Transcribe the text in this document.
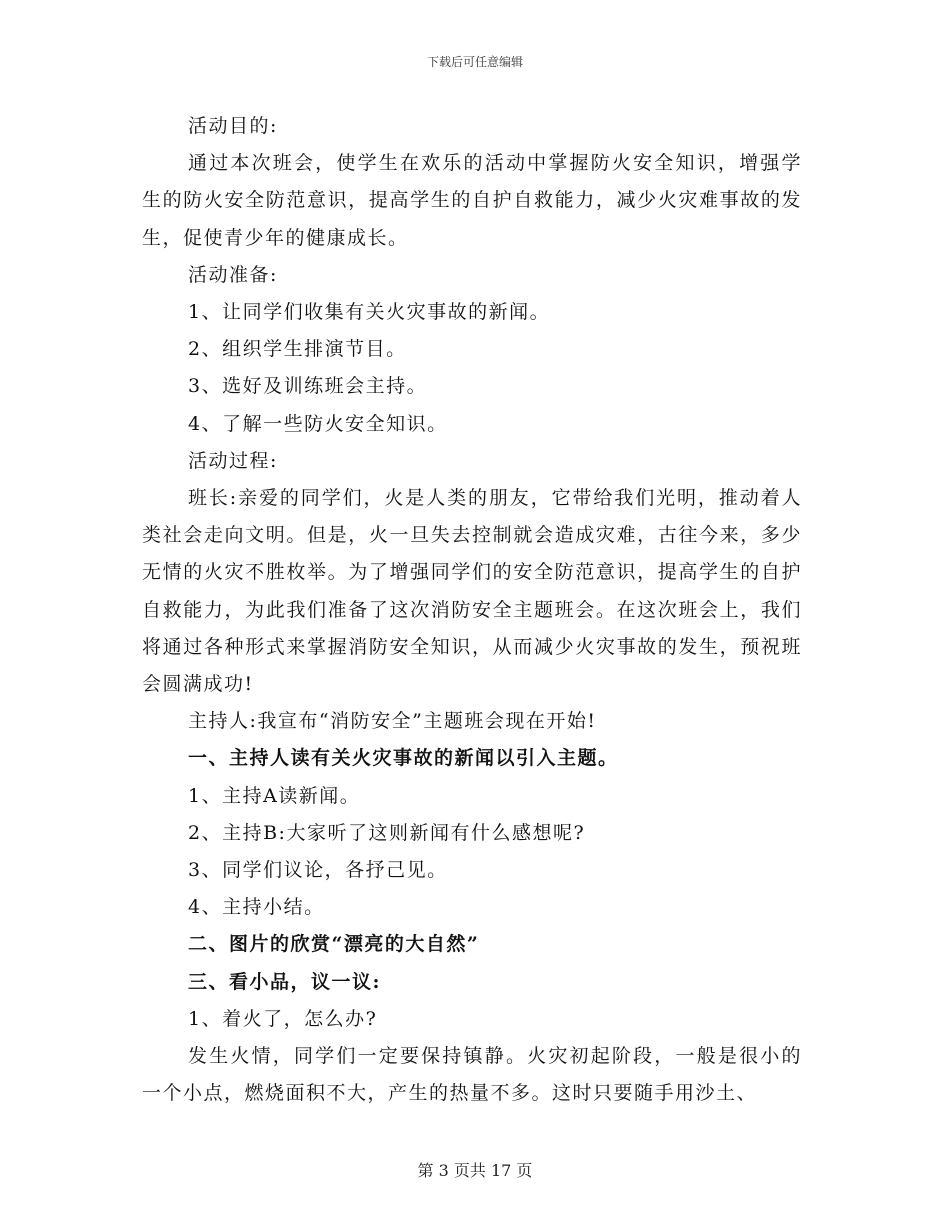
下载后可任意编辑

活动目的:

通过本次班会，使学生在欢乐的活动中掌握防火安全知识，增强学生的防火安全防范意识，提高学生的自护自救能力，减少火灾难事故的发生，促使青少年的健康成长。

活动准备:

1、让同学们收集有关火灾事故的新闻。

2、组织学生排演节目。

3、选好及训练班会主持。

4、了解一些防火安全知识。

活动过程:

班长:亲爱的同学们，火是人类的朋友，它带给我们光明，推动着人类社会走向文明。但是，火一旦失去控制就会造成灾难，古往今来，多少无情的火灾不胜枚举。为了增强同学们的安全防范意识，提高学生的自护自救能力，为此我们准备了这次消防安全主题班会。在这次班会上，我们将通过各种形式来掌握消防安全知识，从而减少火灾事故的发生，预祝班会圆满成功!

主持人:我宣布“消防安全”主题班会现在开始!

一、主持人读有关火灾事故的新闻以引入主题。

1、主持A读新闻。

2、主持B:大家听了这则新闻有什么感想呢?

3、同学们议论，各抒己见。

4、主持小结。

二、图片的欣赏“漂亮的大自然”

三、看小品，议一议:

1、着火了，怎么办?

发生火情，同学们一定要保持镇静。火灾初起阶段，一般是很小的一个小点，燃烧面积不大，产生的热量不多。这时只要随手用沙土、

第 3 页共 17 页
